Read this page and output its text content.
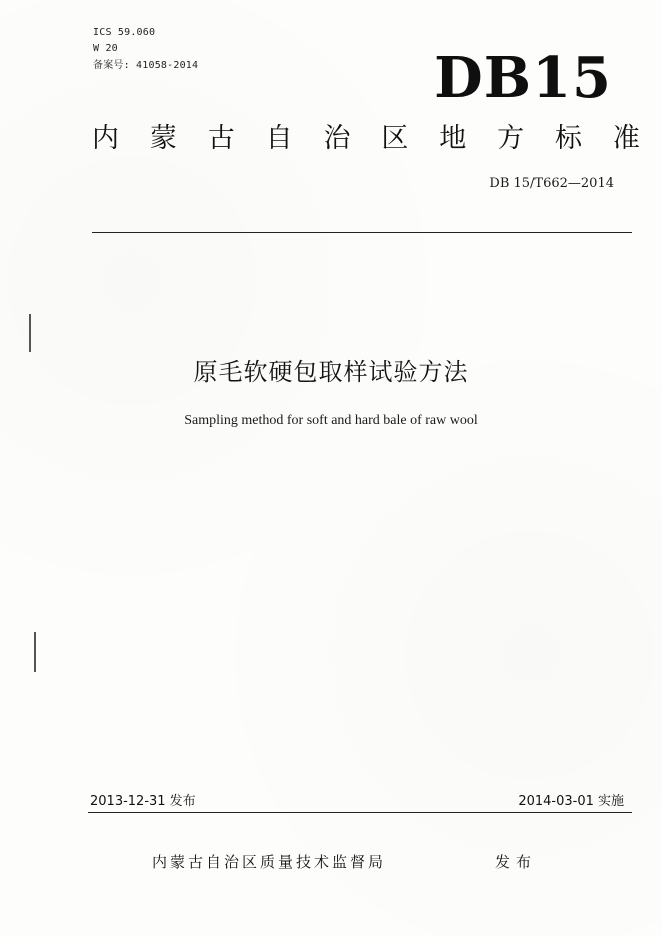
ICS 59.060
W 20
备案号: 41058-2014	DB15
内 蒙 古 自 治 区 地 方 标 准
DB 15/T662—2014
原毛软硬包取样试验方法
Sampling method for soft and hard bale of raw wool
2013-12-31 发布	2014-03-01 实施
内蒙古自治区质量技术监督局	发布
